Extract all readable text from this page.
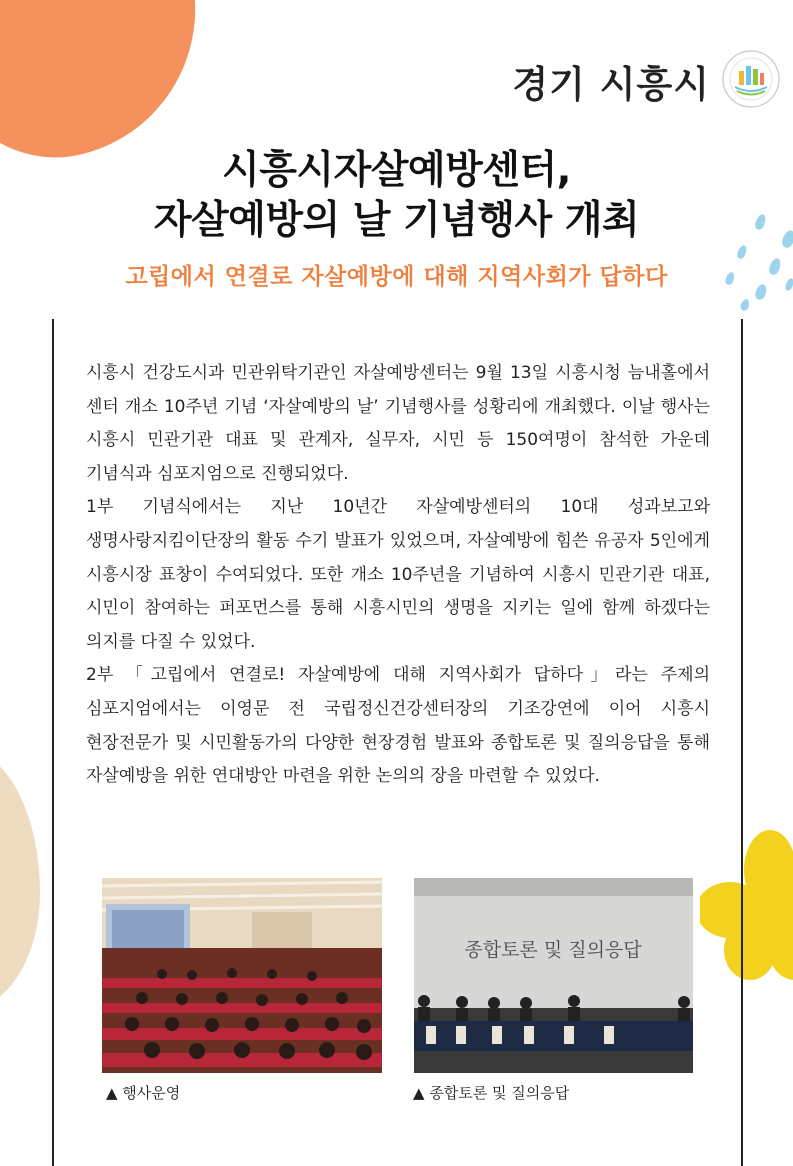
경기 시흥시
시흥시자살예방센터,
자살예방의 날 기념행사 개최
고립에서 연결로 자살예방에 대해 지역사회가 답하다

시흥시 건강도시과 민관위탁기관인 자살예방센터는 9월 13일 시흥시청 늠내홀에서 센터 개소 10주년 기념 ‘자살예방의 날’ 기념행사를 성황리에 개최했다. 이날 행사는 시흥시 민관기관 대표 및 관계자, 실무자, 시민 등 150여명이 참석한 가운데 기념식과 심포지엄으로 진행되었다.

1부 기념식에서는 지난 10년간 자살예방센터의 10대 성과보고와 생명사랑지킴이단장의 활동 수기 발표가 있었으며, 자살예방에 힘쓴 유공자 5인에게 시흥시장 표창이 수여되었다. 또한 개소 10주년을 기념하여 시흥시 민관기관 대표, 시민이 참여하는 퍼포먼스를 통해 시흥시민의 생명을 지키는 일에 함께 하겠다는 의지를 다질 수 있었다.

2부 「고립에서 연결로! 자살예방에 대해 지역사회가 답하다」라는 주제의 심포지엄에서는 이영문 전 국립정신건강센터장의 기조강연에 이어 시흥시 현장전문가 및 시민활동가의 다양한 현장경험 발표와 종합토론 및 질의응답을 통해 자살예방을 위한 연대방안 마련을 위한 논의의 장을 마련할 수 있었다.

▲ 행사운영
종합토론 및 질의응답
▲ 종합토론 및 질의응답
